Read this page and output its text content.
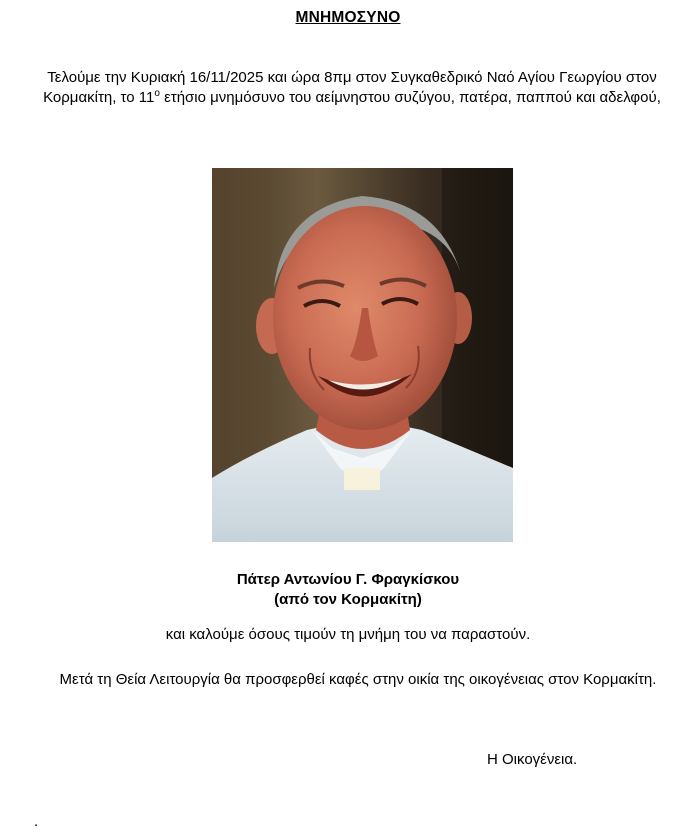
ΜΝΗΜΟΣΥΝΟ
Τελούμε την Κυριακή 16/11/2025 και ώρα 8πμ στον Συγκαθεδρικό Ναό Αγίου Γεωργίου στον Κορμακίτη, το $11^o$ ετήσιο μνημόσυνο του αείμνηστου συζύγου, πατέρα, παππού και αδελφού,
Πάτερ Αντωνίου Γ. Φραγκίσκου
(από τον Κορμακίτη)
και καλούμε όσους τιμούν τη μνήμη του να παραστούν.
Μετά τη Θεία Λειτουργία θα προσφερθεί καφές στην οικία της οικογένειας στον Κορμακίτη.
Η Οικογένεια.
.
